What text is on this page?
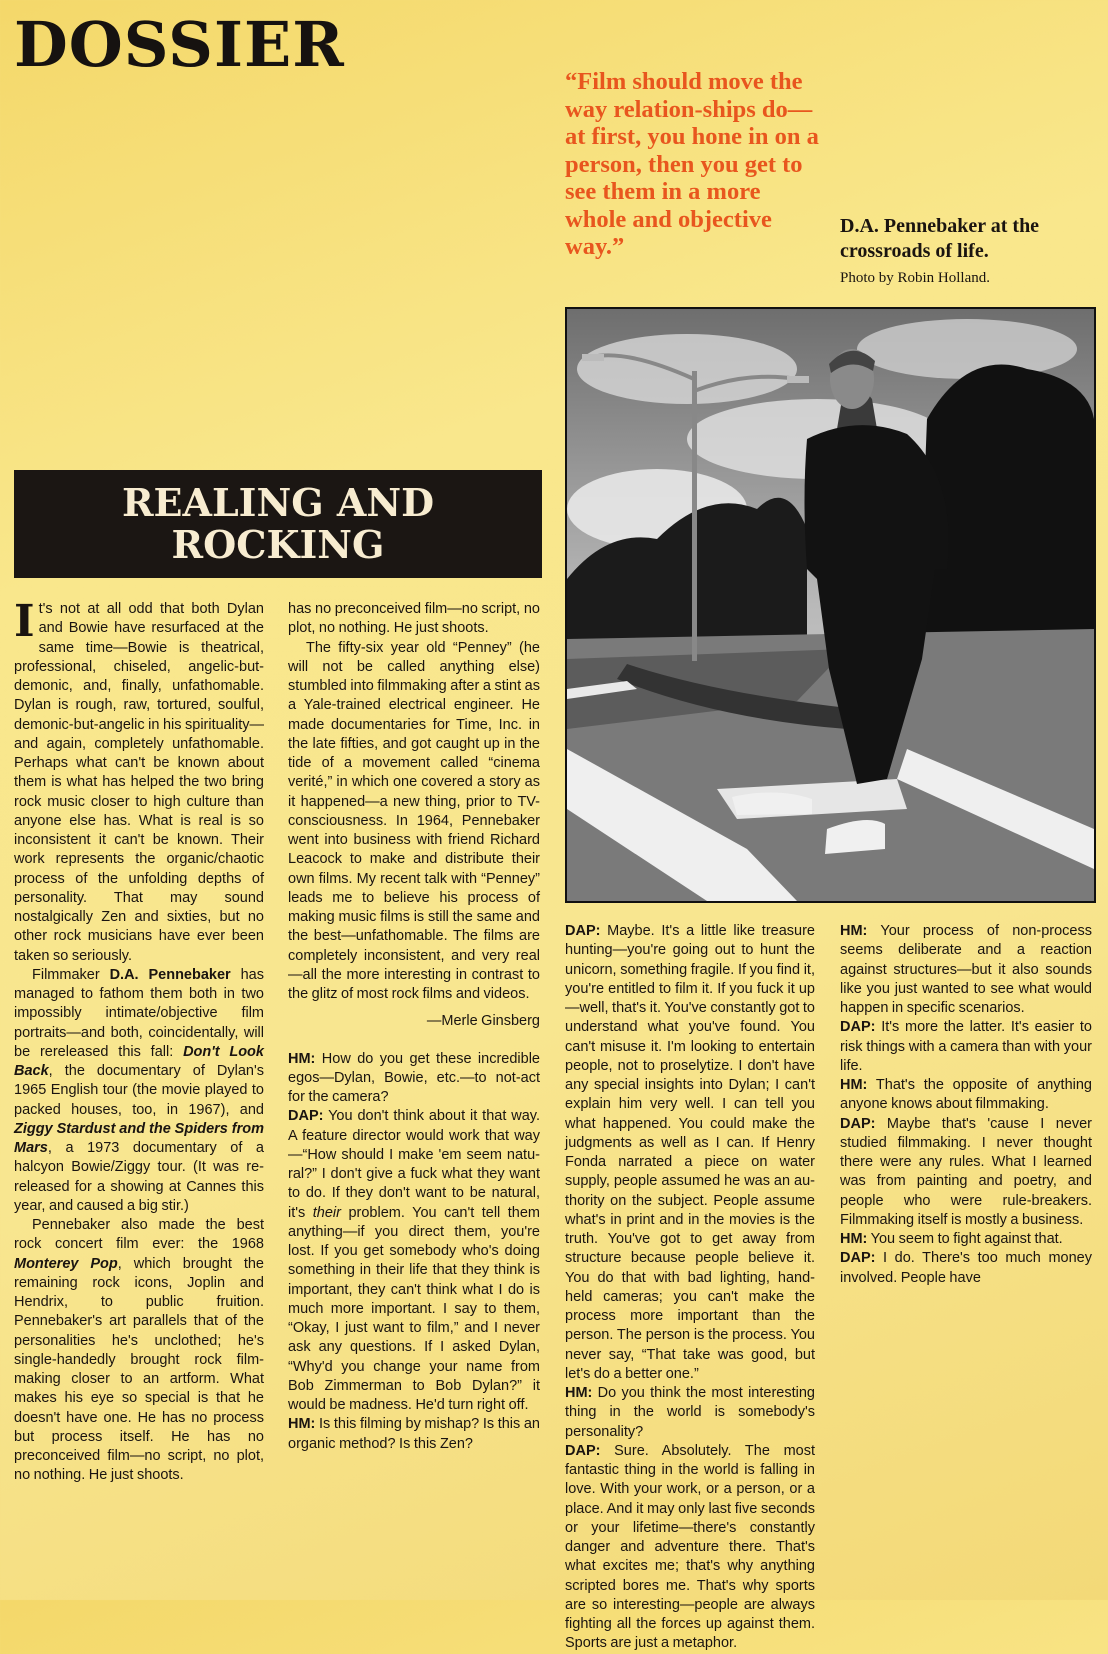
DOSSIER
“Film should move the way relation-ships do—at first, you hone in on a person, then you get to see them in a more whole and objective way.”
D.A. Pennebaker at the crossroads of life.
Photo by Robin Holland.
REALING AND
ROCKING

It's not at all odd that both Dylan and Bowie have resurfaced at the same time—Bowie is theatrical, professional, chiseled, angelic-but-demonic, and, finally, unfathomable. Dylan is rough, raw, tortured, soulful, demonic-but-angelic in his spirituality—and again, completely unfathomable. Perhaps what can't be known about them is what has helped the two bring rock music closer to high culture than anyone else has. What is real is so inconsistent it can't be known. Their work represents the organic/chaotic process of the unfolding depths of personality. That may sound nostalgically Zen and sixties, but no other rock musicians have ever been taken so seriously.

Filmmaker D.A. Pennebaker has managed to fathom them both in two impossibly intimate/objective film portraits—and both, coincidentally, will be rereleased this fall: Don't Look Back, the documentary of Dylan's 1965 English tour (the movie played to packed houses, too, in 1967), and Ziggy Stardust and the Spiders from Mars, a 1973 documentary of a halcyon Bowie/Ziggy tour. (It was rereleased for a showing at Cannes this year, and caused a big stir.)

Pennebaker also made the best rock concert film ever: the 1968 Monterey Pop, which brought the remaining rock icons, Joplin and Hendrix, to public fruition. Pennebaker's art parallels that of the personalities he's unclothed; he's single-handedly brought rock filmmaking closer to an artform. What makes his eye so special is that he doesn't have one. He has no process but process itself. He has no preconceived film—no script, no plot, no nothing. He just shoots.

has no preconceived film—no script, no plot, no nothing. He just shoots.

The fifty-six year old “Penney” (he will not be called anything else) stumbled into filmmaking after a stint as a Yale-trained electrical engineer. He made documentaries for Time, Inc. in the late fifties, and got caught up in the tide of a movement called “cinema verité,” in which one covered a story as it happened—a new thing, prior to TV-consciousness. In 1964, Pennebaker went into business with friend Richard Leacock to make and distribute their own films. My recent talk with “Penney” leads me to believe his process of making music films is still the same and the best—unfathomable. The films are completely inconsistent, and very real—all the more interesting in contrast to the glitz of most rock films and videos.

—Merle Ginsberg

HM: How do you get these incredible egos—Dylan, Bowie, etc.—to not-act for the camera?

DAP: You don't think about it that way. A feature director would work that way—“How should I make 'em seem natural?” I don't give a fuck what they want to do. If they don't want to be natural, it's their problem. You can't tell them anything—if you direct them, you're lost. If you get somebody who's doing something in their life that they think is important, they can't think what I do is much more important. I say to them, “Okay, I just want to film,” and I never ask any questions. If I asked Dylan, “Why'd you change your name from Bob Zimmerman to Bob Dylan?” it would be madness. He'd turn right off.

HM: Is this filming by mishap? Is this an organic method? Is this Zen?

DAP: Maybe. It's a little like treasure hunting—you're going out to hunt the unicorn, something fragile. If you find it, you're entitled to film it. If you fuck it up—well, that's it. You've constantly got to understand what you've found. You can't misuse it. I'm looking to entertain people, not to proselytize. I don't have any special insights into Dylan; I can't explain him very well. I can tell you what happened. You could make the judgments as well as I can. If Henry Fonda narrated a piece on water supply, people assumed he was an authority on the subject. People assume what's in print and in the movies is the truth. You've got to get away from structure because people believe it. You do that with bad lighting, hand-held cameras; you can't make the process more important than the person. The person is the process. You never say, “That take was good, but let's do a better one.”

HM: Do you think the most interesting thing in the world is somebody's personality?

DAP: Sure. Absolutely. The most fantastic thing in the world is falling in love. With your work, or a person, or a place. And it may only last five seconds or your lifetime—there's constantly danger and adventure there. That's what excites me; that's why anything scripted bores me. That's why sports are so interesting—people are always fighting all the forces up against them. Sports are just a metaphor.

HM: Your process of non-process seems deliberate and a reaction against structures—but it also sounds like you just wanted to see what would happen in specific scenarios.

DAP: It's more the latter. It's easier to risk things with a camera than with your life.

HM: That's the opposite of anything anyone knows about filmmaking.

DAP: Maybe that's 'cause I never studied filmmaking. I never thought there were any rules. What I learned was from painting and poetry, and people who were rule-breakers. Filmmaking itself is mostly a business.

HM: You seem to fight against that.

DAP: I do. There's too much money involved. People have
